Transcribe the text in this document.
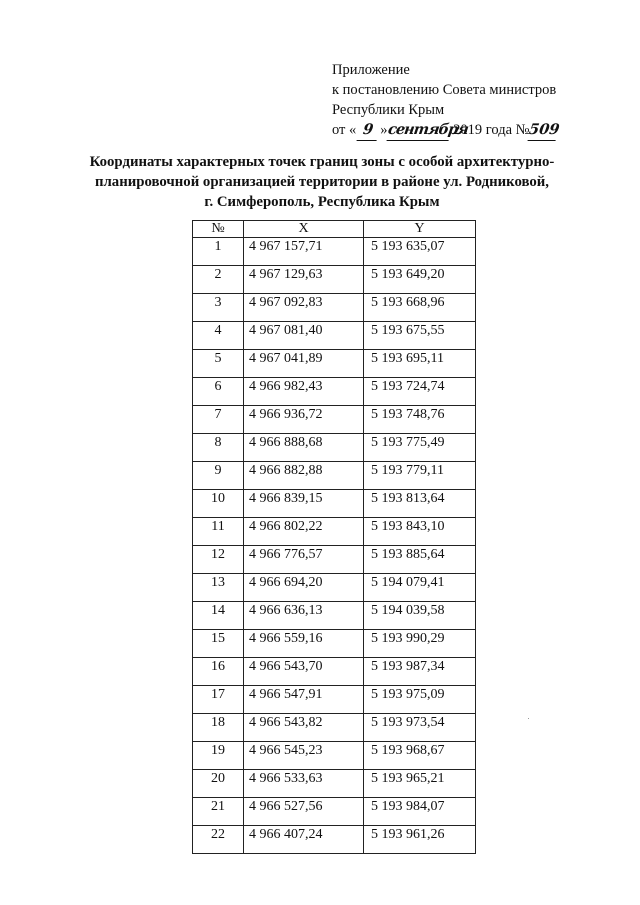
Приложение
к постановлению Совета министров
Республики Крым
от « 9 »сентября 2019 года №509
Координаты характерных точек границ зоны с особой архитектурно-
планировочной организацией территории в районе ул. Родниковой,
г. Симферополь, Республика Крым
№	X	Y
1	4 967 157,71	5 193 635,07
2	4 967 129,63	5 193 649,20
3	4 967 092,83	5 193 668,96
4	4 967 081,40	5 193 675,55
5	4 967 041,89	5 193 695,11
6	4 966 982,43	5 193 724,74
7	4 966 936,72	5 193 748,76
8	4 966 888,68	5 193 775,49
9	4 966 882,88	5 193 779,11
10	4 966 839,15	5 193 813,64
11	4 966 802,22	5 193 843,10
12	4 966 776,57	5 193 885,64
13	4 966 694,20	5 194 079,41
14	4 966 636,13	5 194 039,58
15	4 966 559,16	5 193 990,29
16	4 966 543,70	5 193 987,34
17	4 966 547,91	5 193 975,09
18	4 966 543,82	5 193 973,54
19	4 966 545,23	5 193 968,67
20	4 966 533,63	5 193 965,21
21	4 966 527,56	5 193 984,07
22	4 966 407,24	5 193 961,26
